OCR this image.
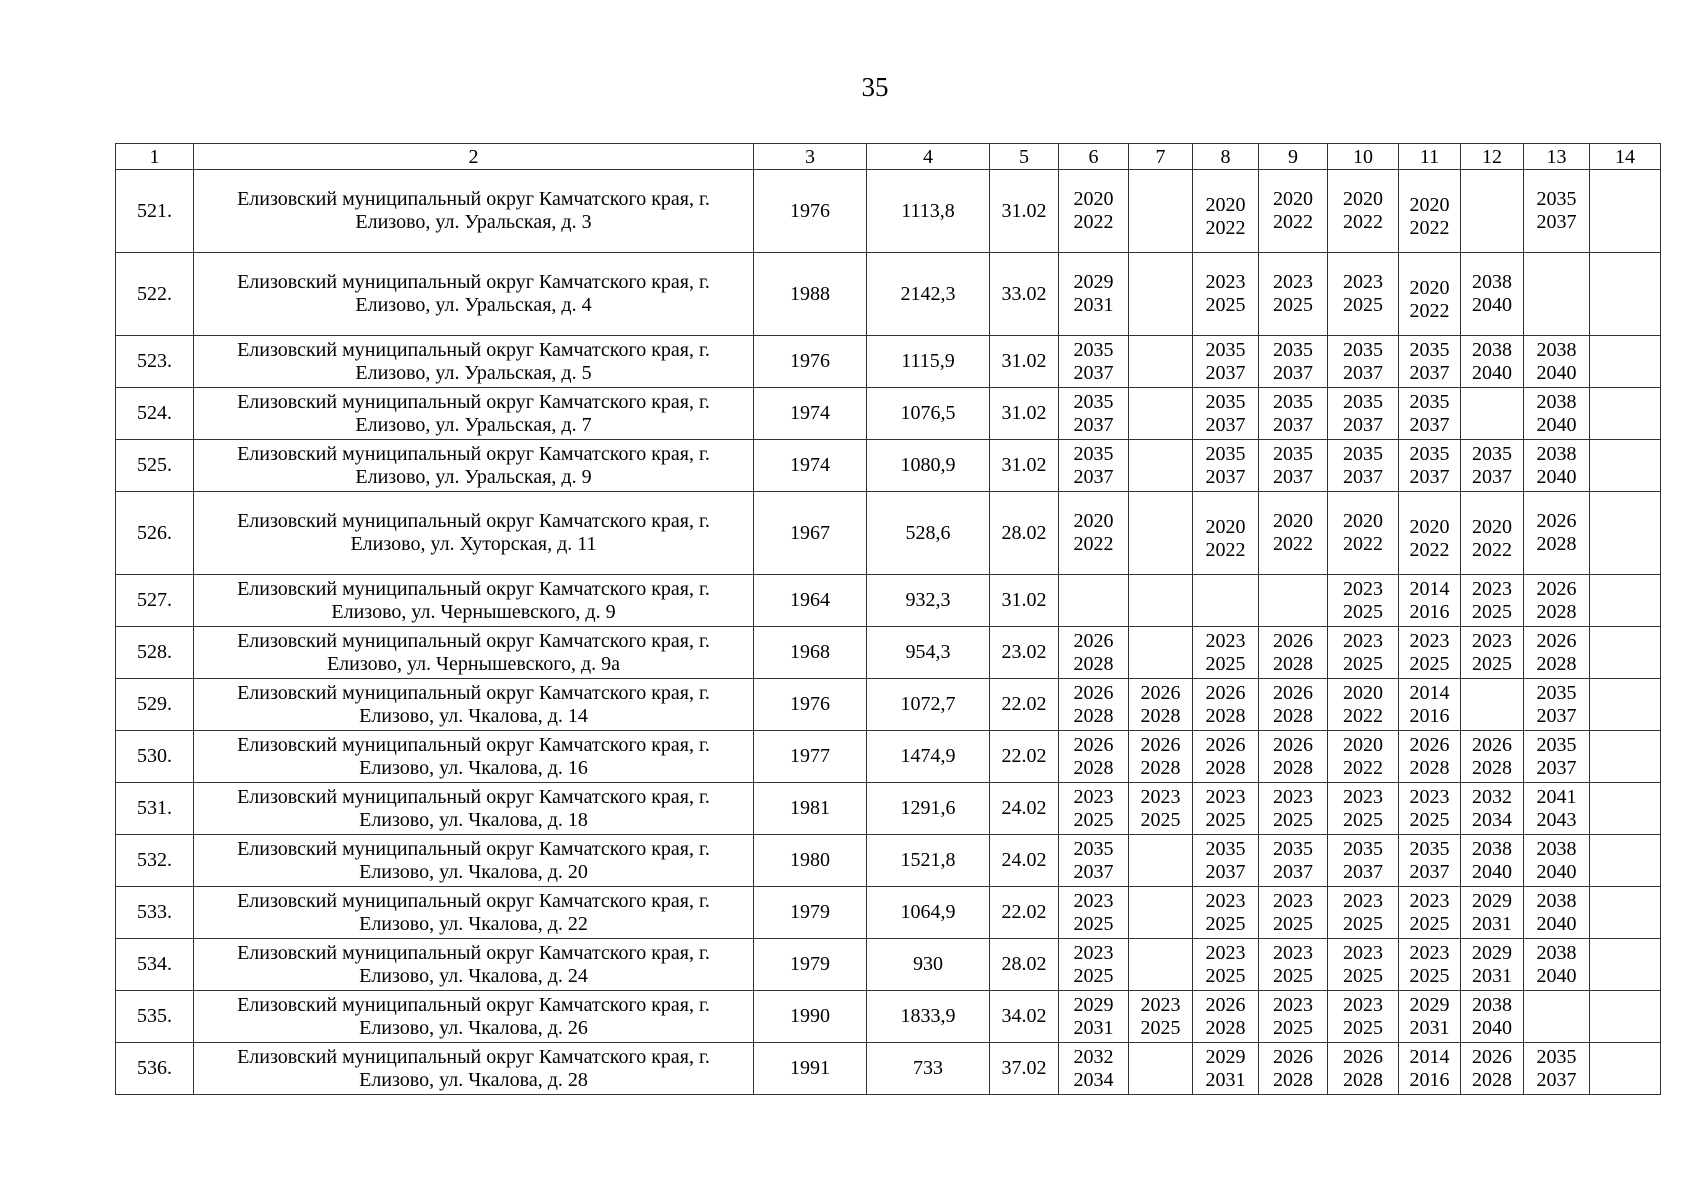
35
1	2	3	4	5	6	7	8	9	10	11	12	13	14
521.	Елизовский муниципальный округ Камчатского края, г.
Елизово, ул. Уральская, д. 3	1976	1113,8	31.02	2020
2022		2020
2022	2020
2022	2020
2022	2020
2022		2035
2037	

522.	Елизовский муниципальный округ Камчатского края, г.
Елизово, ул. Уральская, д. 4	1988	2142,3	33.02	2029
2031		2023
2025	2023
2025	2023
2025	2020
2022	2038
2040		

523.	Елизовский муниципальный округ Камчатского края, г.
Елизово, ул. Уральская, д. 5	1976	1115,9	31.02	2035
2037		2035
2037	2035
2037	2035
2037	2035
2037	2038
2040	2038
2040	

524.	Елизовский муниципальный округ Камчатского края, г.
Елизово, ул. Уральская, д. 7	1974	1076,5	31.02	2035
2037		2035
2037	2035
2037	2035
2037	2035
2037		2038
2040	

525.	Елизовский муниципальный округ Камчатского края, г.
Елизово, ул. Уральская, д. 9	1974	1080,9	31.02	2035
2037		2035
2037	2035
2037	2035
2037	2035
2037	2035
2037	2038
2040	

526.	Елизовский муниципальный округ Камчатского края, г.
Елизово, ул. Хуторская, д. 11	1967	528,6	28.02	2020
2022		2020
2022	2020
2022	2020
2022	2020
2022	2020
2022	2026
2028	

527.	Елизовский муниципальный округ Камчатского края, г.
Елизово, ул. Чернышевского, д. 9	1964	932,3	31.02					2023
2025	2014
2016	2023
2025	2026
2028	

528.	Елизовский муниципальный округ Камчатского края, г.
Елизово, ул. Чернышевского, д. 9а	1968	954,3	23.02	2026
2028		2023
2025	2026
2028	2023
2025	2023
2025	2023
2025	2026
2028	

529.	Елизовский муниципальный округ Камчатского края, г.
Елизово, ул. Чкалова, д. 14	1976	1072,7	22.02	2026
2028	2026
2028	2026
2028	2026
2028	2020
2022	2014
2016		2035
2037	

530.	Елизовский муниципальный округ Камчатского края, г.
Елизово, ул. Чкалова, д. 16	1977	1474,9	22.02	2026
2028	2026
2028	2026
2028	2026
2028	2020
2022	2026
2028	2026
2028	2035
2037	

531.	Елизовский муниципальный округ Камчатского края, г.
Елизово, ул. Чкалова, д. 18	1981	1291,6	24.02	2023
2025	2023
2025	2023
2025	2023
2025	2023
2025	2023
2025	2032
2034	2041
2043	

532.	Елизовский муниципальный округ Камчатского края, г.
Елизово, ул. Чкалова, д. 20	1980	1521,8	24.02	2035
2037		2035
2037	2035
2037	2035
2037	2035
2037	2038
2040	2038
2040	

533.	Елизовский муниципальный округ Камчатского края, г.
Елизово, ул. Чкалова, д. 22	1979	1064,9	22.02	2023
2025		2023
2025	2023
2025	2023
2025	2023
2025	2029
2031	2038
2040	

534.	Елизовский муниципальный округ Камчатского края, г.
Елизово, ул. Чкалова, д. 24	1979	930	28.02	2023
2025		2023
2025	2023
2025	2023
2025	2023
2025	2029
2031	2038
2040	

535.	Елизовский муниципальный округ Камчатского края, г.
Елизово, ул. Чкалова, д. 26	1990	1833,9	34.02	2029
2031	2023
2025	2026
2028	2023
2025	2023
2025	2029
2031	2038
2040		

536.	Елизовский муниципальный округ Камчатского края, г.
Елизово, ул. Чкалова, д. 28	1991	733	37.02	2032
2034		2029
2031	2026
2028	2026
2028	2014
2016	2026
2028	2035
2037	
